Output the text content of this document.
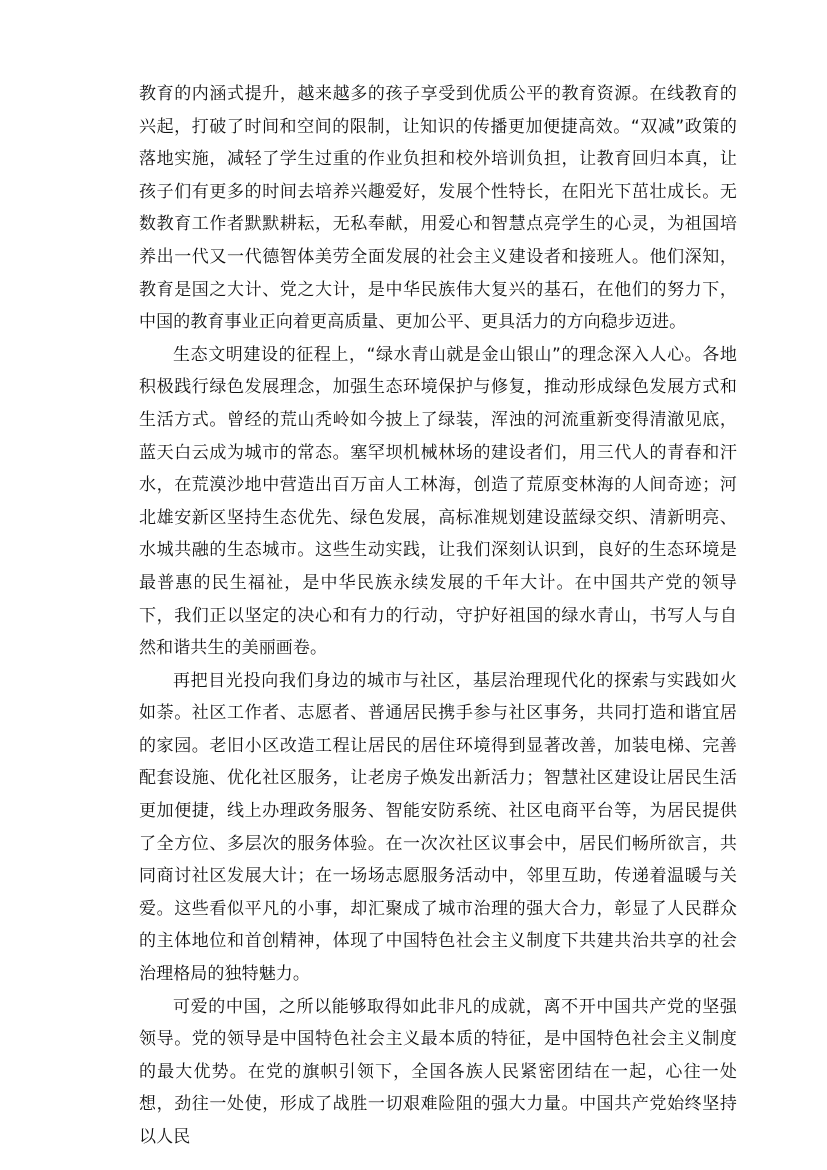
教育的内涵式提升，越来越多的孩子享受到优质公平的教育资源。在线教育的兴起，打破了时间和空间的限制，让知识的传播更加便捷高效。“双减”政策的落地实施，减轻了学生过重的作业负担和校外培训负担，让教育回归本真，让孩子们有更多的时间去培养兴趣爱好，发展个性特长，在阳光下茁壮成长。无数教育工作者默默耕耘，无私奉献，用爱心和智慧点亮学生的心灵，为祖国培养出一代又一代德智体美劳全面发展的社会主义建设者和接班人。他们深知，教育是国之大计、党之大计，是中华民族伟大复兴的基石，在他们的努力下，中国的教育事业正向着更高质量、更加公平、更具活力的方向稳步迈进。

生态文明建设的征程上，“绿水青山就是金山银山”的理念深入人心。各地积极践行绿色发展理念，加强生态环境保护与修复，推动形成绿色发展方式和生活方式。曾经的荒山秃岭如今披上了绿装，浑浊的河流重新变得清澈见底，蓝天白云成为城市的常态。塞罕坝机械林场的建设者们，用三代人的青春和汗水，在荒漠沙地中营造出百万亩人工林海，创造了荒原变林海的人间奇迹；河北雄安新区坚持生态优先、绿色发展，高标准规划建设蓝绿交织、清新明亮、水城共融的生态城市。这些生动实践，让我们深刻认识到，良好的生态环境是最普惠的民生福祉，是中华民族永续发展的千年大计。在中国共产党的领导下，我们正以坚定的决心和有力的行动，守护好祖国的绿水青山，书写人与自然和谐共生的美丽画卷。

再把目光投向我们身边的城市与社区，基层治理现代化的探索与实践如火如荼。社区工作者、志愿者、普通居民携手参与社区事务，共同打造和谐宜居的家园。老旧小区改造工程让居民的居住环境得到显著改善，加装电梯、完善配套设施、优化社区服务，让老房子焕发出新活力；智慧社区建设让居民生活更加便捷，线上办理政务服务、智能安防系统、社区电商平台等，为居民提供了全方位、多层次的服务体验。在一次次社区议事会中，居民们畅所欲言，共同商讨社区发展大计；在一场场志愿服务活动中，邻里互助，传递着温暖与关爱。这些看似平凡的小事，却汇聚成了城市治理的强大合力，彰显了人民群众的主体地位和首创精神，体现了中国特色社会主义制度下共建共治共享的社会治理格局的独特魅力。

可爱的中国，之所以能够取得如此非凡的成就，离不开中国共产党的坚强领导。党的领导是中国特色社会主义最本质的特征，是中国特色社会主义制度的最大优势。在党的旗帜引领下，全国各族人民紧密团结在一起，心往一处想，劲往一处使，形成了战胜一切艰难险阻的强大力量。中国共产党始终坚持以人民
